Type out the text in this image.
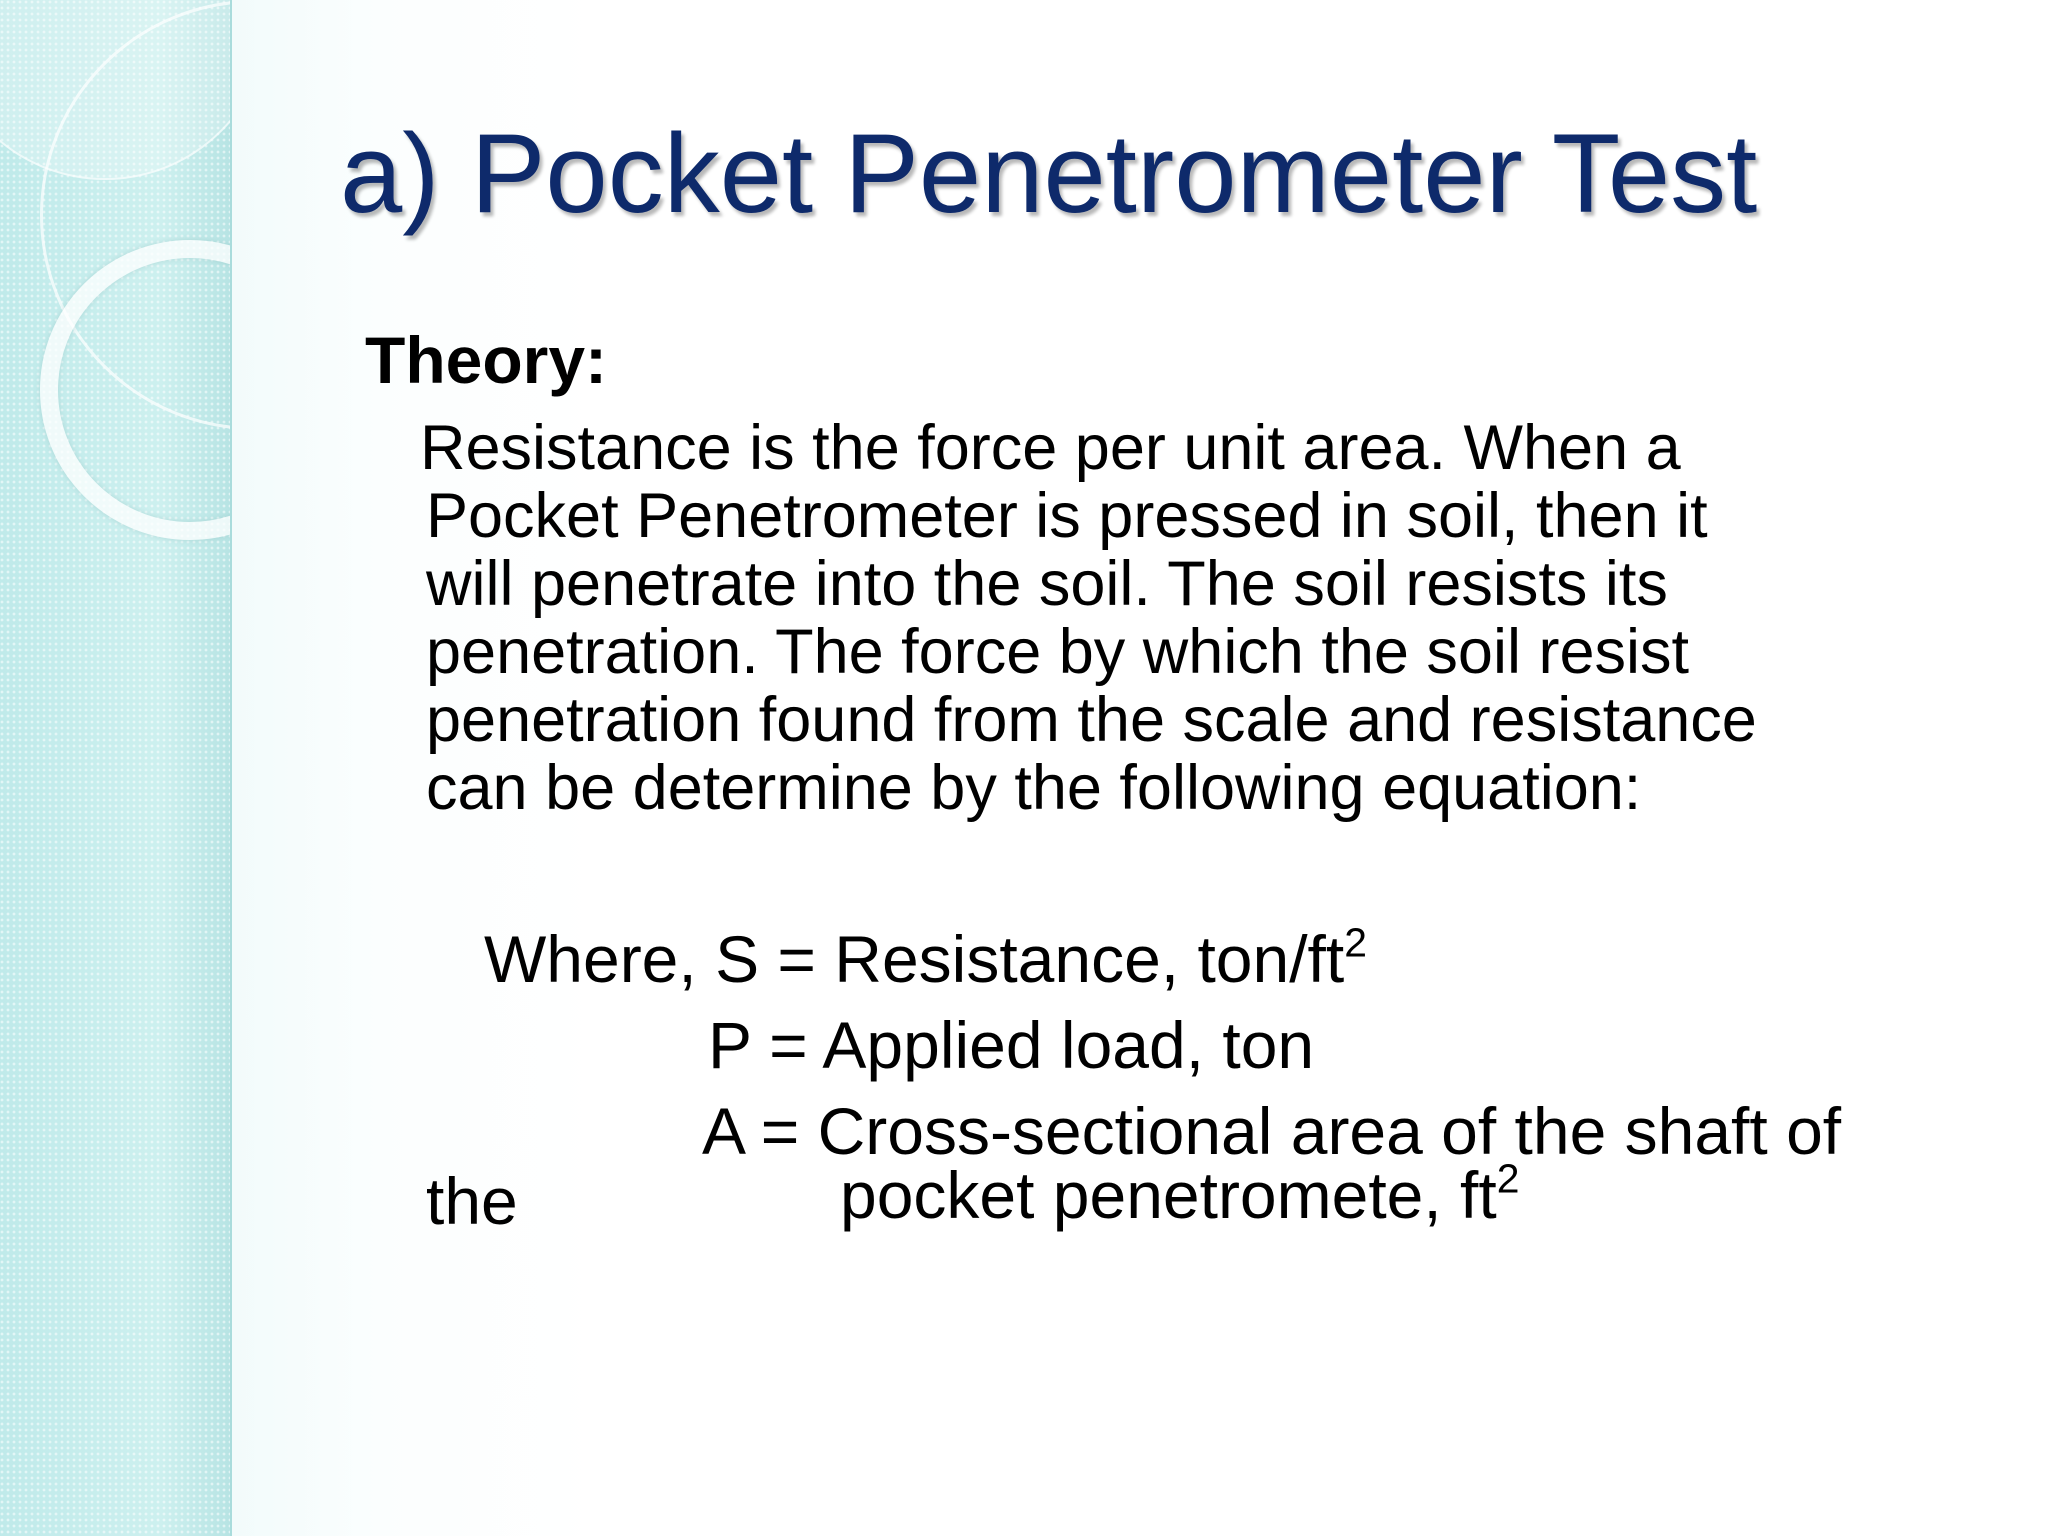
a) Pocket Penetrometer Test
Theory:

Resistance is the force per unit area. When a
Pocket Penetrometer is pressed in soil, then it
will penetrate into the soil. The soil resists its
penetration. The force by which the soil resist
penetration found from the scale and resistance
can be determine by the following equation:

Where, S = Resistance, ton/$ft^2$
P = Applied load, ton
A = Cross-sectional area of the shaft of
the	pocket penetromete, $ft^2$
